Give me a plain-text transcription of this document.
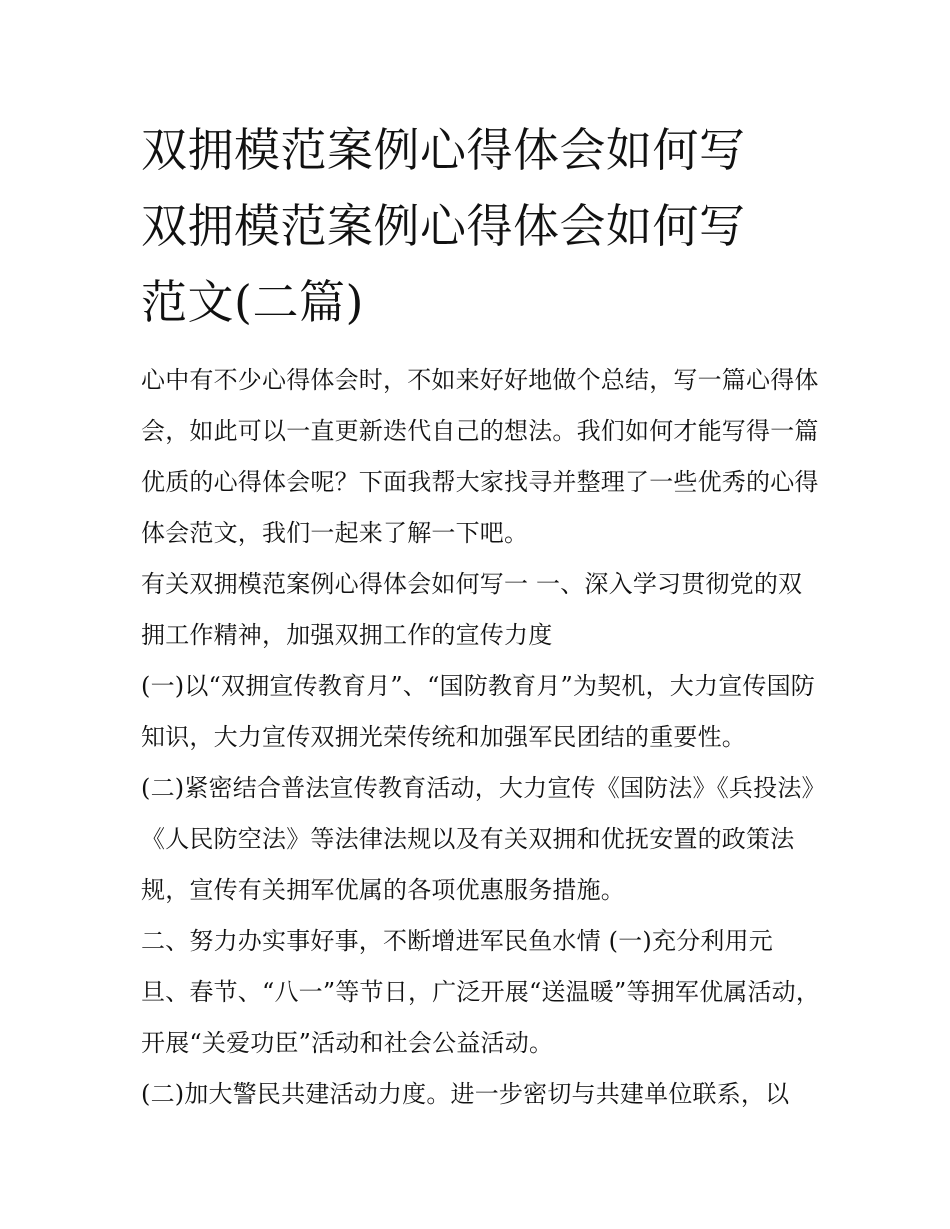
双拥模范案例心得体会如何写
双拥模范案例心得体会如何写
范文(二篇)

心中有不少心得体会时，不如来好好地做个总结，写一篇心得体会，如此可以一直更新迭代自己的想法。我们如何才能写得一篇优质的心得体会呢？下面我帮大家找寻并整理了一些优秀的心得体会范文，我们一起来了解一下吧。

有关双拥模范案例心得体会如何写一 一、深入学习贯彻党的双拥工作精神，加强双拥工作的宣传力度

(一)以“双拥宣传教育月”、“国防教育月”为契机，大力宣传国防知识，大力宣传双拥光荣传统和加强军民团结的重要性。

(二)紧密结合普法宣传教育活动，大力宣传《国防法》《兵投法》《人民防空法》等法律法规以及有关双拥和优抚安置的政策法规，宣传有关拥军优属的各项优惠服务措施。

二、努力办实事好事，不断增进军民鱼水情 (一)充分利用元旦、春节、“八一”等节日，广泛开展“送温暖”等拥军优属活动，开展“关爱功臣”活动和社会公益活动。

(二)加大警民共建活动力度。进一步密切与共建单位联系，以
